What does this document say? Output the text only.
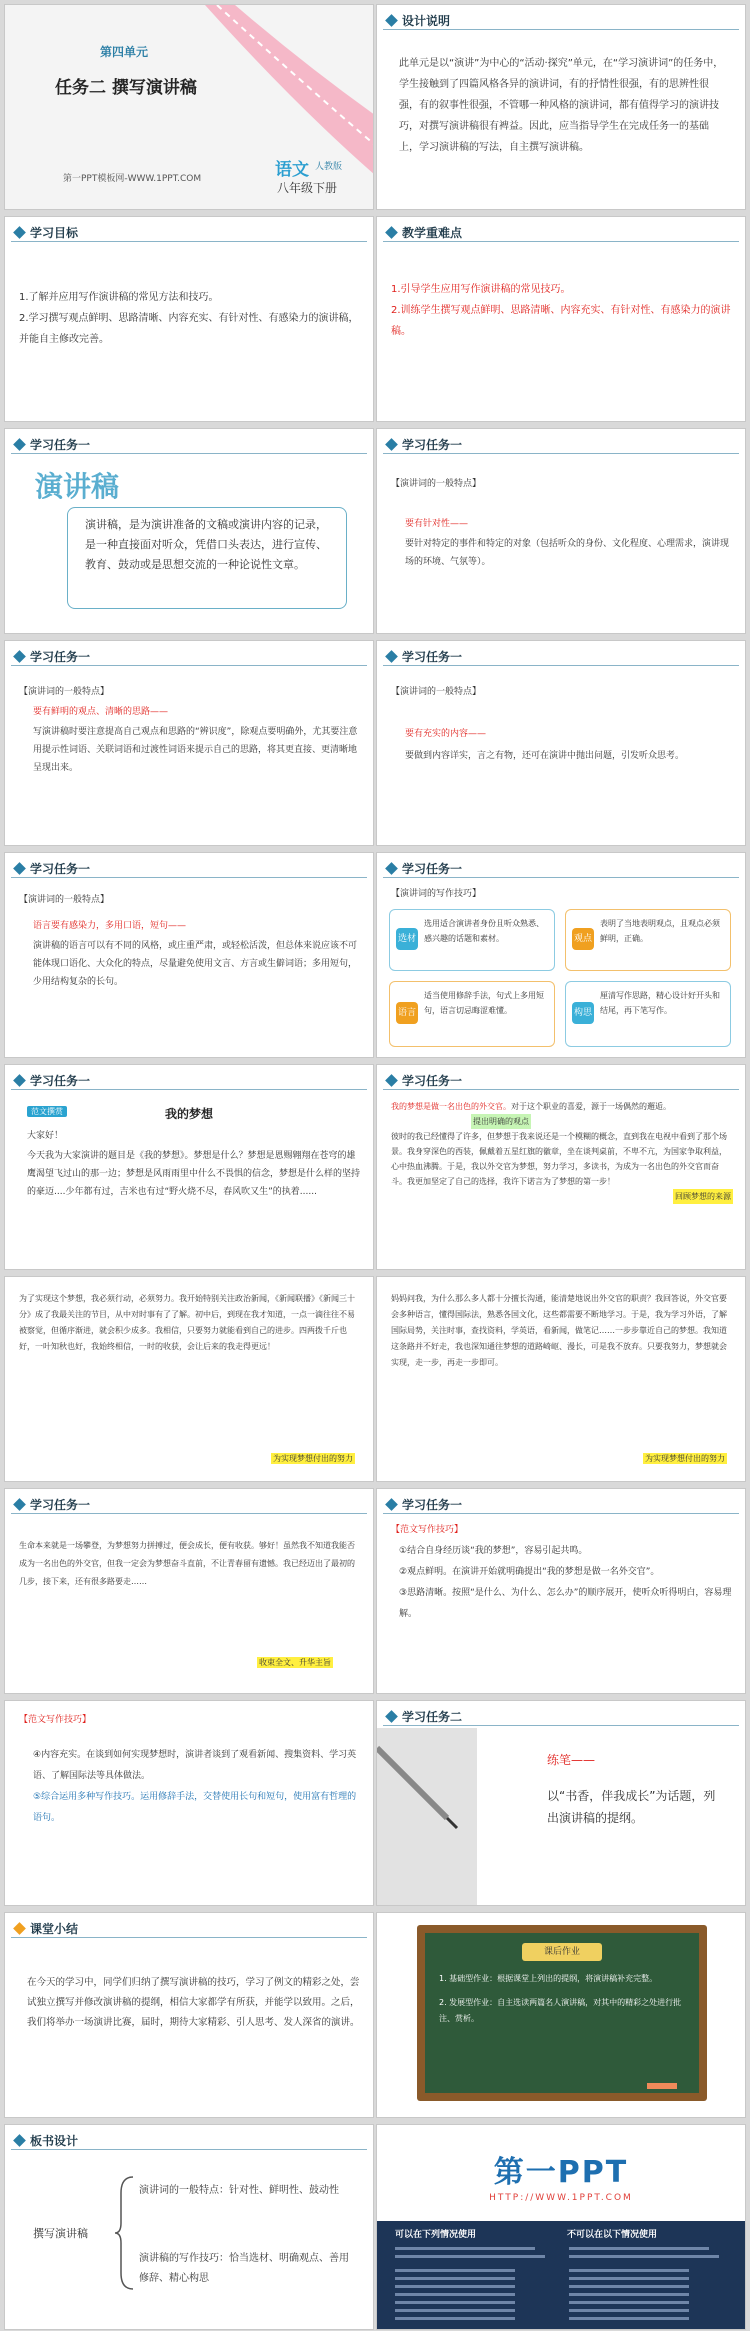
第四单元
任务二 撰写演讲稿
第一PPT模板网-WWW.1PPT.COM	语文 人教版
八年级下册
设计说明
此单元是以“演讲”为中心的“活动·探究”单元，在“学习演讲词”的任务中，学生接触到了四篇风格各异的演讲词，有的抒情性很强，有的思辨性很强，有的叙事性很强，不管哪一种风格的演讲词，都有值得学习的演讲技巧，对撰写演讲稿很有裨益。因此，应当指导学生在完成任务一的基础上，学习演讲稿的写法，自主撰写演讲稿。
学习目标
1.了解并应用写作演讲稿的常见方法和技巧。
2.学习撰写观点鲜明、思路清晰、内容充实、有针对性、有感染力的演讲稿，并能自主修改完善。
教学重难点
1.引导学生应用写作演讲稿的常见技巧。
2.训练学生撰写观点鲜明、思路清晰、内容充实、有针对性、有感染力的演讲稿。
学习任务一
演讲稿
演讲稿，是为演讲准备的文稿或演讲内容的记录，是一种直接面对听众，凭借口头表达，进行宣传、教育、鼓动或是思想交流的一种论说性文章。
学习任务一
【演讲词的一般特点】
要有针对性——
要针对特定的事件和特定的对象（包括听众的身份、文化程度、心理需求，演讲现场的环境、气氛等）。
学习任务一
【演讲词的一般特点】
要有鲜明的观点、清晰的思路——
写演讲稿时要注意提高自己观点和思路的“辨识度”，除观点要明确外，尤其要注意用提示性词语、关联词语和过渡性词语来提示自己的思路，将其更直接、更清晰地呈现出来。
学习任务一
【演讲词的一般特点】
要有充实的内容——
要做到内容详实，言之有物，还可在演讲中抛出问题，引发听众思考。
学习任务一
【演讲词的一般特点】
语言要有感染力，多用口语，短句——
演讲稿的语言可以有不同的风格，或庄重严肃，或轻松活泼，但总体来说应该不可能体现口语化、大众化的特点，尽量避免使用文言、方言或生僻词语；多用短句，少用结构复杂的长句。
学习任务一
【演讲词的写作技巧】
选材
选用适合演讲者身份且听众熟悉、感兴趣的话题和素材。	观点
表明了当地表明观点，且观点必须鲜明，正确。
语言
适当使用修辞手法，句式上多用短句，语言切忌晦涩难懂。	构思
厘清写作思路，精心设计好开头和结尾，再下笔写作。
学习任务一
范文撰赏	我的梦想
大家好！
今天我为大家演讲的题目是《我的梦想》。梦想是什么？梦想是恩赐翱翔在苍穹的雄鹰渴望飞过山的那一边；梦想是风雨雨里中什么不畏惧的信念，梦想是什么样的坚持的豪迈....少年都有过，吉米也有过“野火烧不尽，春风吹又生”的执着......
学习任务一
我的梦想是做一名出色的外交官。对于这个职业的喜爱，源于一场偶然的邂逅。
提出明确的观点
彼时的我已经懂得了许多，但梦想于我来说还是一个模糊的概念，直到我在电视中看到了那个场景。我身穿深色的西装，佩戴着五星红旗的徽章，坐在谈判桌前，不卑不亢，为国家争取利益，心中热血沸腾。于是，我以外交官为梦想，努力学习，多读书，为成为一名出色的外交官而奋斗。我更加坚定了自己的选择，我许下诺言为了梦想的第一步！
回顾梦想的来源
为了实现这个梦想，我必须行动，必须努力。我开始特别关注政治新闻，《新闻联播》《新闻三十分》成了我最关注的节目，从中对时事有了了解。初中后，到现在我才知道，一点一滴往往不易被察觉，但循序渐进，就会积少成多。我相信，只要努力就能看到自己的进步。四两拨千斤也好，一叶知秋也好，我始终相信，一时的收获，会让后来的我走得更远！
为实现梦想付出的努力
妈妈问我，为什么那么多人都十分擅长沟通，能清楚地说出外交官的职责？我回答说，外交官要会多种语言，懂得国际法，熟悉各国文化，这些都需要不断地学习。于是，我为学习外语，了解国际局势，关注时事，查找资料，学英语，看新闻，做笔记……一步步靠近自己的梦想。我知道这条路并不好走，我也深知通往梦想的道路崎岖、漫长，可是我不放弃。只要我努力，梦想就会实现，走一步，再走一步即可。
为实现梦想付出的努力
学习任务一
生命本来就是一场攀登，为梦想努力拼搏过，便会成长，便有收获。够好！虽然我不知道我能否成为一名出色的外交官，但我一定会为梦想奋斗直前，不让青春留有遗憾。我已经迈出了最初的几步，接下来，还有很多路要走……
收束全文、升华主旨
学习任务一
【范文写作技巧】
①结合自身经历谈“我的梦想”，容易引起共鸣。
②观点鲜明。在演讲开始就明确提出“我的梦想是做一名外交官”。
③思路清晰。按照“是什么、为什么、怎么办”的顺序展开，使听众听得明白，容易理解。
【范文写作技巧】
④内容充实。在谈到如何实现梦想时，演讲者谈到了观看新闻、搜集资料、学习英语、了解国际法等具体做法。
⑤综合运用多种写作技巧。运用修辞手法，交替使用长句和短句，使用富有哲理的语句。
学习任务二
练笔——
以“书香，伴我成长”为话题，列出演讲稿的提纲。
课堂小结
在今天的学习中，同学们归纳了撰写演讲稿的技巧，学习了例文的精彩之处，尝试独立撰写并修改演讲稿的提纲，相信大家都学有所获，并能学以致用。之后，我们将举办一场演讲比赛，届时，期待大家精彩、引人思考、发人深省的演讲。
课后作业
1. 基础型作业：根据课堂上列出的提纲，将演讲稿补充完整。
2. 发展型作业：自主选读两篇名人演讲稿，对其中的精彩之处进行批注、赏析。
板书设计
撰写演讲稿
演讲词的一般特点：针对性、鲜明性、鼓动性
演讲稿的写作技巧：恰当选材、明确观点、善用修辞、精心构思
第一PPT
HTTP://WWW.1PPT.COM
可以在下列情况使用	不可以在以下情况使用
